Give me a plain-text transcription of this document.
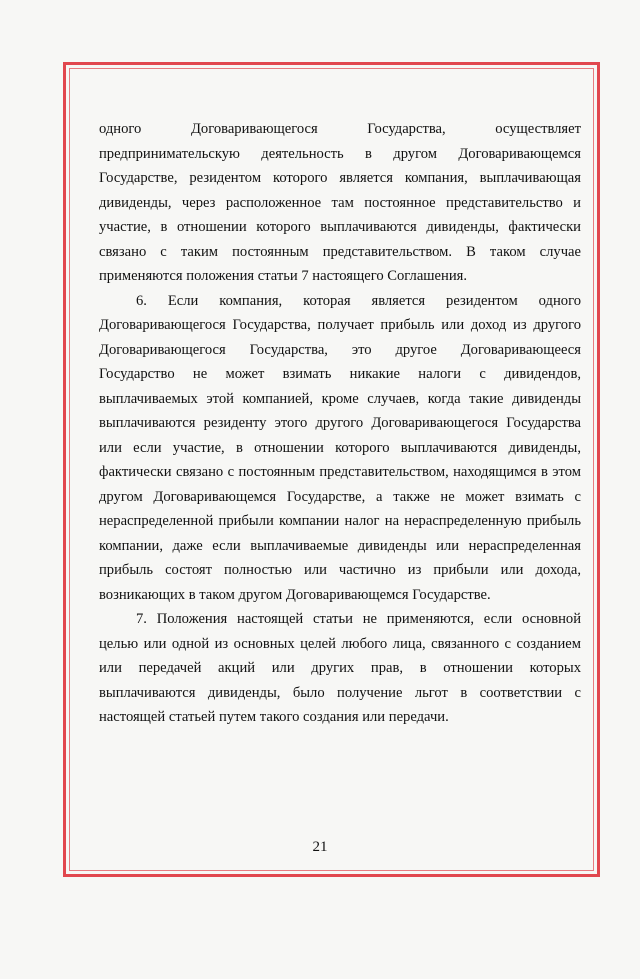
одного Договаривающегося Государства, осуществляет
предпринимательскую деятельность в другом Договаривающемся
Государстве, резидентом которого является компания, выплачивающая
дивиденды, через расположенное там постоянное представительство и
участие, в отношении которого выплачиваются дивиденды, фактически
связано с таким постоянным представительством. В таком случае
применяются положения статьи 7 настоящего Соглашения.

6. Если компания, которая является резидентом одного
Договаривающегося Государства, получает прибыль или доход из другого
Договаривающегося Государства, это другое Договаривающееся
Государство не может взимать никакие налоги с дивидендов,
выплачиваемых этой компанией, кроме случаев, когда такие дивиденды
выплачиваются резиденту этого другого Договаривающегося Государства
или если участие, в отношении которого выплачиваются дивиденды,
фактически связано с постоянным представительством, находящимся в этом
другом Договаривающемся Государстве, а также не может взимать с
нераспределенной прибыли компании налог на нераспределенную прибыль
компании, даже если выплачиваемые дивиденды или нераспределенная
прибыль состоят полностью или частично из прибыли или дохода,
возникающих в таком другом Договаривающемся Государстве.

7. Положения настоящей статьи не применяются, если основной
целью или одной из основных целей любого лица, связанного с созданием
или передачей акций или других прав, в отношении которых
выплачиваются дивиденды, было получение льгот в соответствии с
настоящей статьей путем такого создания или передачи.

21
